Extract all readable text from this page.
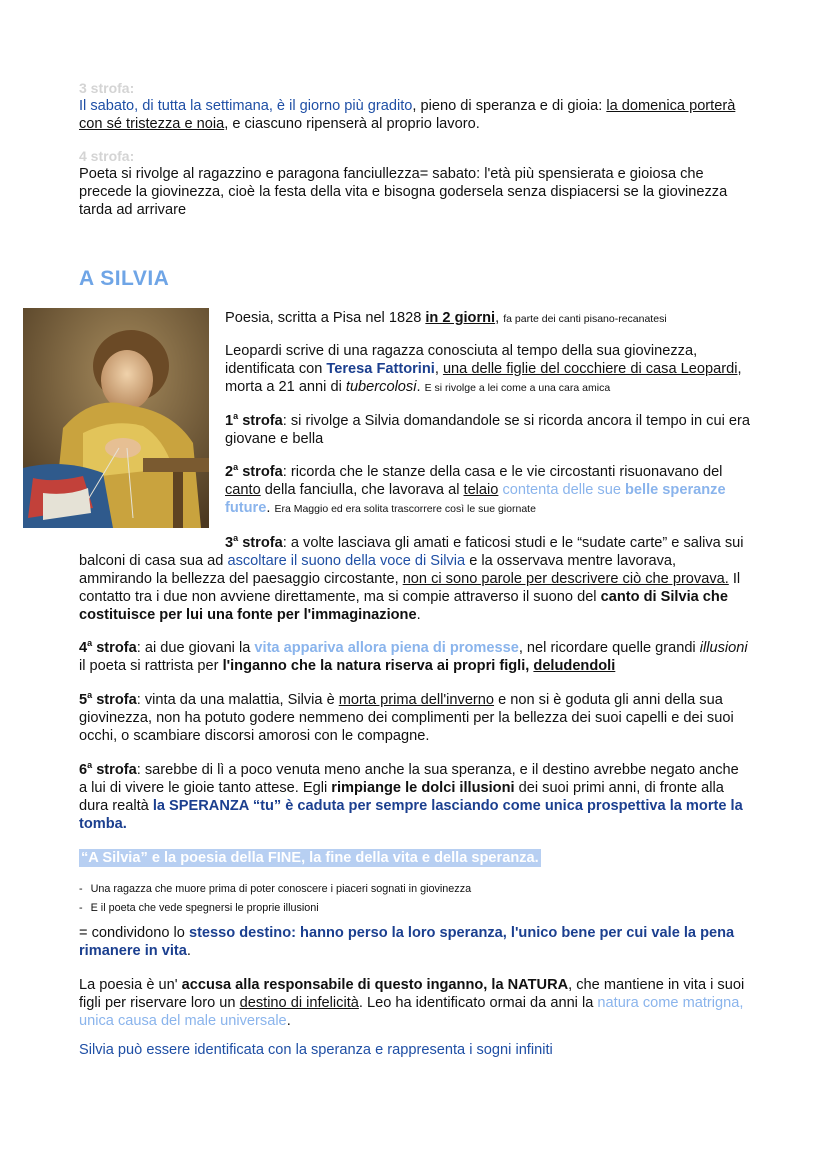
3 strofa:
Il sabato, di tutta la settimana, è il giorno più gradito, pieno di speranza e di gioia: la domenica porterà con sé tristezza e noia, e ciascuno ripenserà al proprio lavoro.
4 strofa:
Poeta si rivolge al ragazzino e paragona fanciullezza= sabato: l'età più spensierata e gioiosa che precede la giovinezza, cioè la festa della vita e bisogna godersela senza dispiacersi se la giovinezza tarda ad arrivare
A SILVIA
Poesia, scritta a Pisa nel 1828 in 2 giorni, fa parte dei canti pisano-recanatesi
Leopardi scrive di una ragazza conosciuta al tempo della sua giovinezza, identificata con Teresa Fattorini, una delle figlie del cocchiere di casa Leopardi, morta a 21 anni di tubercolosi. E si rivolge a lei come a una cara amica
1$^a$ strofa: si rivolge a Silvia domandandole se si ricorda ancora il tempo in cui era giovane e bella
2$^a$ strofa: ricorda che le stanze della casa e le vie circostanti risuonavano del canto della fanciulla, che lavorava al telaio contenta delle sue belle speranze future. Era Maggio ed era solita trascorrere così le sue giornate
3$^a$ strofa: a volte lasciava gli amati e faticosi studi e le “sudate carte” e saliva sui balconi di casa sua ad ascoltare il suono della voce di Silvia e la osservava mentre lavorava, ammirando la bellezza del paesaggio circostante, non ci sono parole per descrivere ciò che provava. Il contatto tra i due non avviene direttamente, ma si compie attraverso il suono del canto di Silvia che costituisce per lui una fonte per l'immaginazione.
4$^a$ strofa: ai due giovani la vita appariva allora piena di promesse, nel ricordare quelle grandi illusioni il poeta si rattrista per l'inganno che la natura riserva ai propri figli, deludendoli
5$^a$ strofa: vinta da una malattia, Silvia è morta prima dell'inverno e non si è goduta gli anni della sua giovinezza, non ha potuto godere nemmeno dei complimenti per la bellezza dei suoi capelli e dei suoi occhi, o scambiare discorsi amorosi con le compagne.
6$^a$ strofa: sarebbe di lì a poco venuta meno anche la sua speranza, e il destino avrebbe negato anche a lui di vivere le gioie tanto attese. Egli rimpiange le dolci illusioni dei suoi primi anni, di fronte alla dura realtà la SPERANZA “tu” è caduta per sempre lasciando come unica prospettiva la morte la tomba.
“A Silvia” e la poesia della FINE, la fine della vita e della speranza.
- Una ragazza che muore prima di poter conoscere i piaceri sognati in giovinezza
- E il poeta che vede spegnersi le proprie illusioni
= condividono lo stesso destino: hanno perso la loro speranza, l'unico bene per cui vale la pena rimanere in vita.
La poesia è un' accusa alla responsabile di questo inganno, la NATURA, che mantiene in vita i suoi figli per riservare loro un destino di infelicità. Leo ha identificato ormai da anni la natura come matrigna, unica causa del male universale.
Silvia può essere identificata con la speranza e rappresenta i sogni infiniti
